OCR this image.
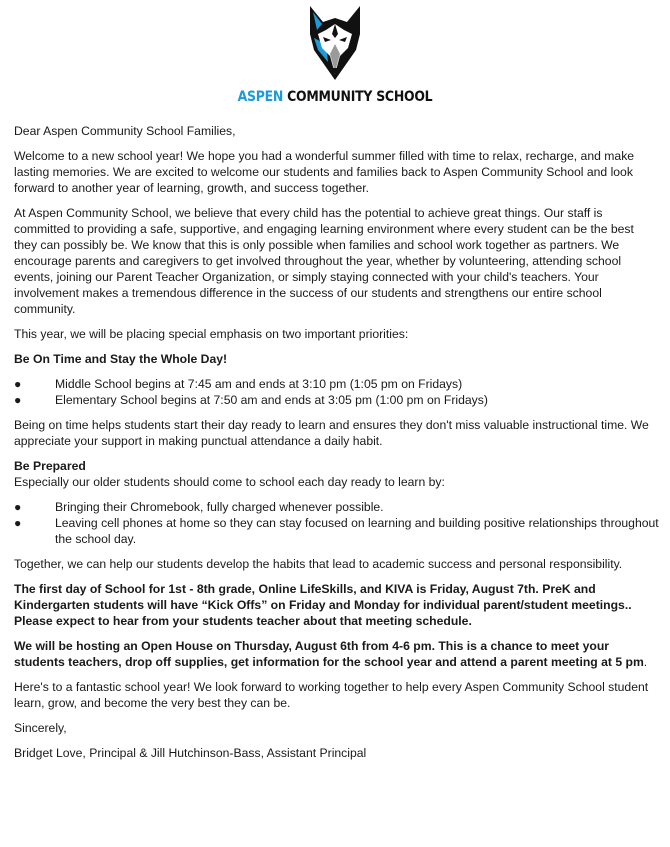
ASPEN COMMUNITY SCHOOL

Dear Aspen Community School Families,

Welcome to a new school year! We hope you had a wonderful summer filled with time to relax, recharge, and make lasting memories. We are excited to welcome our students and families back to Aspen Community School and look forward to another year of learning, growth, and success together.

At Aspen Community School, we believe that every child has the potential to achieve great things. Our staff is committed to providing a safe, supportive, and engaging learning environment where every student can be the best they can possibly be. We know that this is only possible when families and school work together as partners. We encourage parents and caregivers to get involved throughout the year, whether by volunteering, attending school events, joining our Parent Teacher Organization, or simply staying connected with your child's teachers. Your involvement makes a tremendous difference in the success of our students and strengthens our entire school community.

This year, we will be placing special emphasis on two important priorities:

Be On Time and Stay the Whole Day!

●	Middle School begins at 7:45 am and ends at 3:10 pm (1:05 pm on Fridays)
●	Elementary School begins at 7:50 am and ends at 3:05 pm (1:00 pm on Fridays)

Being on time helps students start their day ready to learn and ensures they don't miss valuable instructional time. We appreciate your support in making punctual attendance a daily habit.

Be Prepared

Especially our older students should come to school each day ready to learn by:

●	Bringing their Chromebook, fully charged whenever possible.
●	Leaving cell phones at home so they can stay focused on learning and building positive relationships throughout the school day.

Together, we can help our students develop the habits that lead to academic success and personal responsibility.

The first day of School for 1st - 8th grade, Online LifeSkills, and KIVA is Friday, August 7th. PreK and Kindergarten students will have “Kick Offs” on Friday and Monday for individual parent/student meetings.. Please expect to hear from your students teacher about that meeting schedule.

We will be hosting an Open House on Thursday, August 6th from 4-6 pm. This is a chance to meet your students teachers, drop off supplies, get information for the school year and attend a parent meeting at 5 pm.

Here's to a fantastic school year! We look forward to working together to help every Aspen Community School student learn, grow, and become the very best they can be.

Sincerely,

Bridget Love, Principal & Jill Hutchinson-Bass, Assistant Principal
